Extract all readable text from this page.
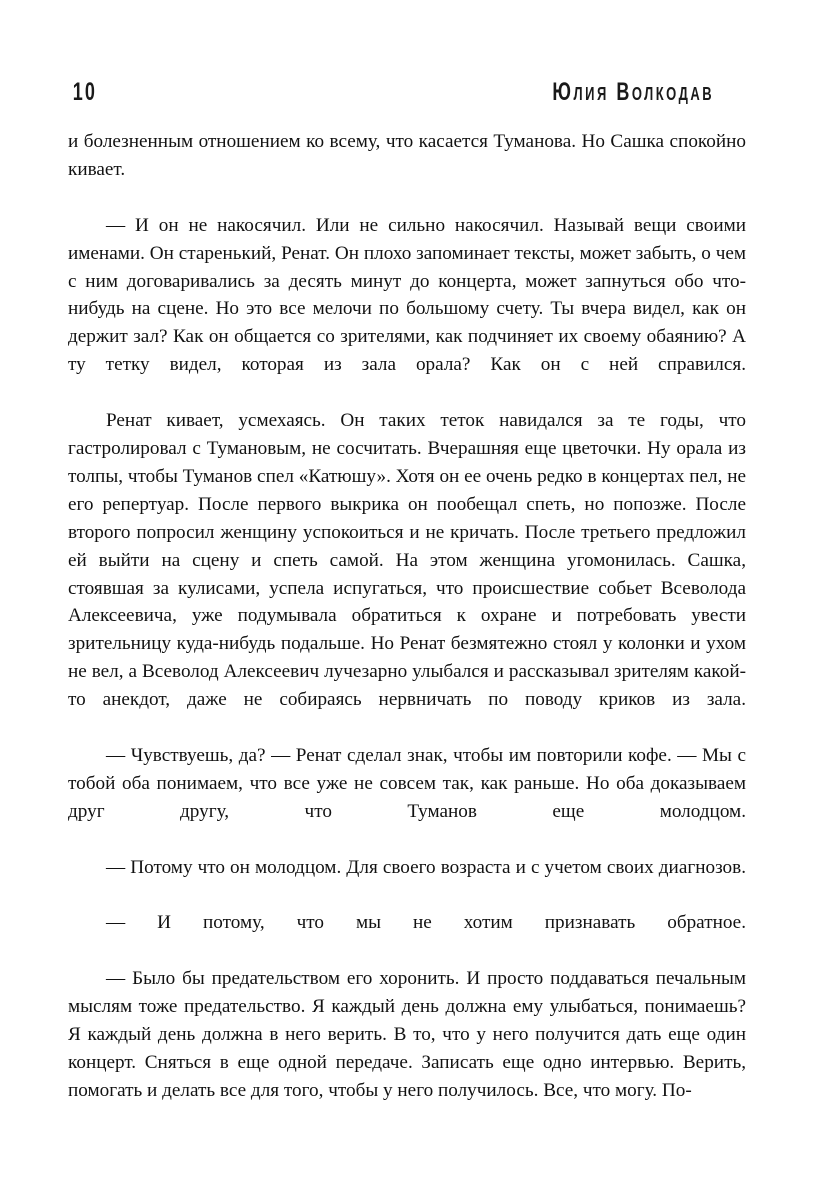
10	Юлия Волкодав

и болезненным отношением ко всему, что касается Туманова. Но Сашка спокойно кивает.

— И он не накосячил. Или не сильно накосячил. Называй вещи своими именами. Он старенький, Ренат. Он плохо запоминает тексты, может забыть, о чем с ним договаривались за десять минут до концерта, может запнуться обо что-нибудь на сцене. Но это все мелочи по большому счету. Ты вчера видел, как он держит зал? Как он общается со зрителями, как подчиняет их своему обаянию? А ту тетку видел, которая из зала орала? Как он с ней справился.

Ренат кивает, усмехаясь. Он таких теток навидался за те годы, что гастролировал с Тумановым, не сосчитать. Вчерашняя еще цветочки. Ну орала из толпы, чтобы Туманов спел «Катюшу». Хотя он ее очень редко в концертах пел, не его репертуар. После первого выкрика он пообещал спеть, но попозже. После второго попросил женщину успокоиться и не кричать. После третьего предложил ей выйти на сцену и спеть самой. На этом женщина угомонилась. Сашка, стоявшая за кулисами, успела испугаться, что происшествие собьет Всеволода Алексеевича, уже подумывала обратиться к охране и потребовать увести зрительницу куда-нибудь подальше. Но Ренат безмятежно стоял у колонки и ухом не вел, а Всеволод Алексеевич лучезарно улыбался и рассказывал зрителям какой-то анекдот, даже не собираясь нервничать по поводу криков из зала.

— Чувствуешь, да? — Ренат сделал знак, чтобы им повторили кофе. — Мы с тобой оба понимаем, что все уже не совсем так, как раньше. Но оба доказываем друг другу, что Туманов еще молодцом.

— Потому что он молодцом. Для своего возраста и с учетом своих диагнозов.

— И потому, что мы не хотим признавать обратное.

— Было бы предательством его хоронить. И просто поддаваться печальным мыслям тоже предательство. Я каждый день должна ему улыбаться, понимаешь? Я каждый день должна в него верить. В то, что у него получится дать еще один концерт. Сняться в еще одной передаче. Записать еще одно интервью. Верить, помогать и делать все для того, чтобы у него получилось. Все, что могу. По-
